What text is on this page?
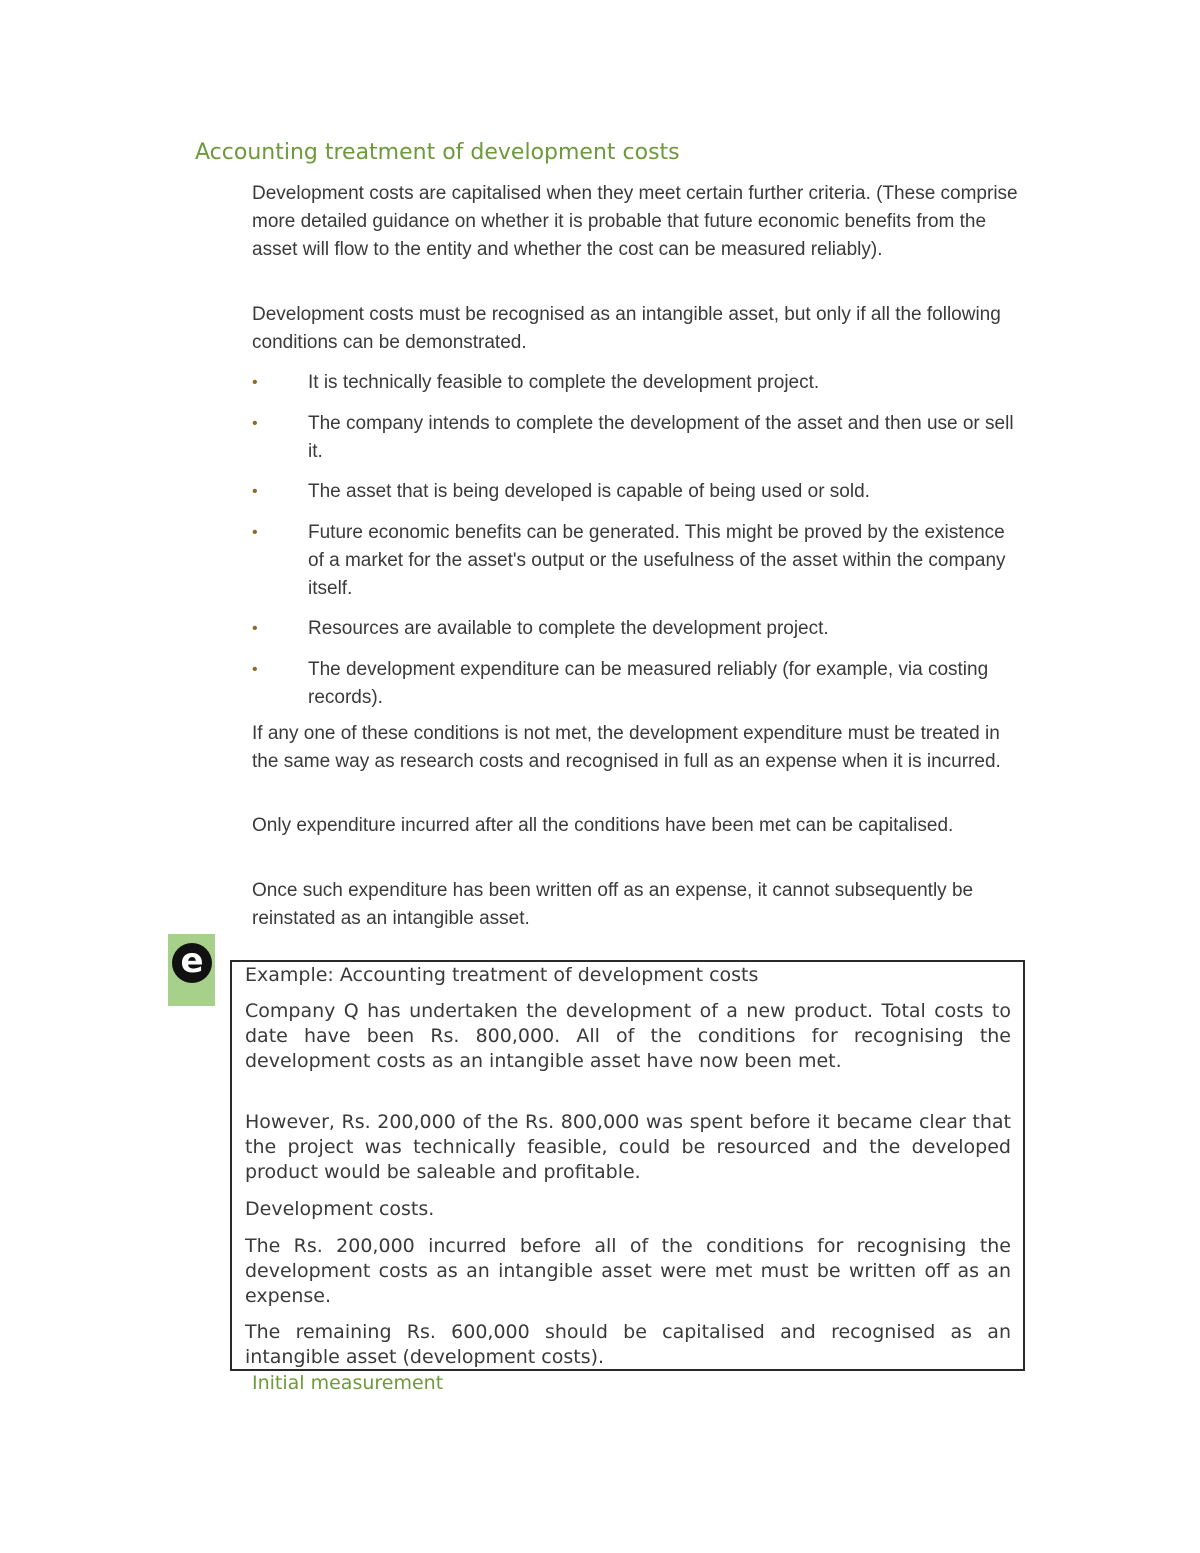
Accounting treatment of development costs

Development costs are capitalised when they meet certain further criteria. (These comprise more detailed guidance on whether it is probable that future economic benefits from the asset will flow to the entity and whether the cost can be measured reliably).

Development costs must be recognised as an intangible asset, but only if all the following conditions can be demonstrated.

•	It is technically feasible to complete the development project.
•	The company intends to complete the development of the asset and then use or sell it.
•	The asset that is being developed is capable of being used or sold.
•	Future economic benefits can be generated. This might be proved by the existence of a market for the asset's output or the usefulness of the asset within the company itself.
•	Resources are available to complete the development project.
•	The development expenditure can be measured reliably (for example, via costing records).

If any one of these conditions is not met, the development expenditure must be treated in the same way as research costs and recognised in full as an expense when it is incurred.

Only expenditure incurred after all the conditions have been met can be capitalised.

Once such expenditure has been written off as an expense, it cannot subsequently be reinstated as an intangible asset.

e	Example: Accounting treatment of development costs

Company Q has undertaken the development of a new product. Total costs to date have been Rs. 800,000. All of the conditions for recognising the development costs as an intangible asset have now been met.

However, Rs. 200,000 of the Rs. 800,000 was spent before it became clear that the project was technically feasible, could be resourced and the developed product would be saleable and profitable.

Development costs.

The Rs. 200,000 incurred before all of the conditions for recognising the development costs as an intangible asset were met must be written off as an expense.

The remaining Rs. 600,000 should be capitalised and recognised as an intangible asset (development costs).

Initial measurement
